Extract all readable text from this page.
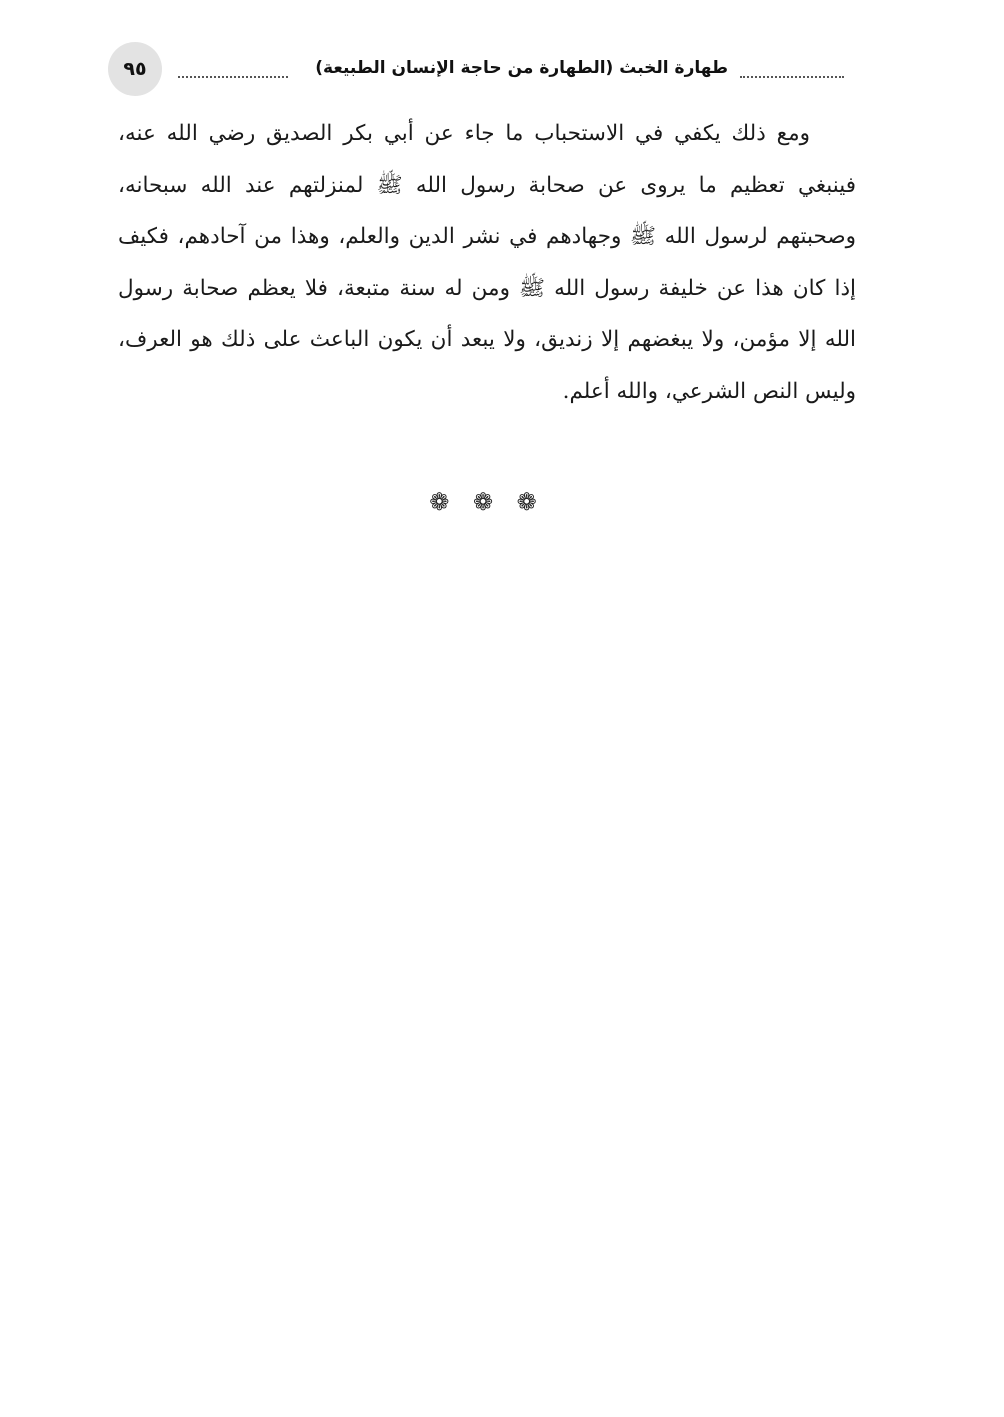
٩٥	طهارة الخبث (الطهارة من حاجة الإنسان الطبيعة)

ومع ذلك يكفي في الاستحباب ما جاء عن أبي بكر الصديق رضي الله عنه، فينبغي تعظيم ما يروى عن صحابة رسول الله ﷺ لمنزلتهم عند الله سبحانه، وصحبتهم لرسول الله ﷺ وجهادهم في نشر الدين والعلم، وهذا من آحادهم، فكيف إذا كان هذا عن خليفة رسول الله ﷺ ومن له سنة متبعة، فلا يعظم صحابة رسول الله إلا مؤمن، ولا يبغضهم إلا زنديق، ولا يبعد أن يكون الباعث على ذلك هو العرف، وليس النص الشرعي، والله أعلم.

❁ ❁ ❁
